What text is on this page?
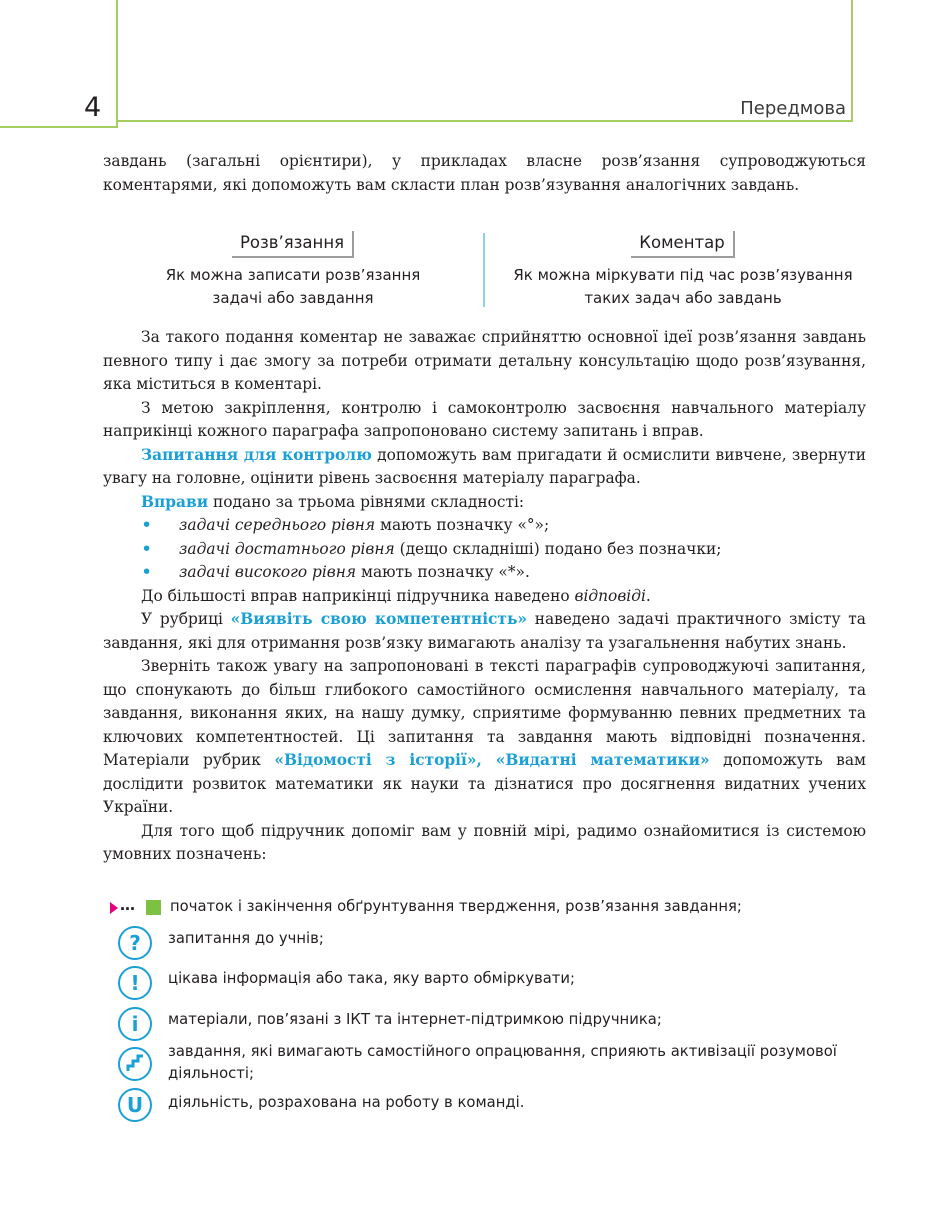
4	Передмова

завдань (загальні орієнтири), у прикладах власне розв’язання супроводжуються коментарями, які допоможуть вам скласти план розв’язування аналогічних завдань.

Розв’язання
Як можна записати розв’язання
задачі або завдання
Коментар
Як можна міркувати під час розв’язування
таких задач або завдань

За такого подання коментар не заважає сприйняттю основної ідеї розв’язання завдань певного типу і дає змогу за потреби отримати детальну консультацію щодо розв’язування, яка міститься в коментарі.

З метою закріплення, контролю і самоконтролю засвоєння навчального матеріалу наприкінці кожного параграфа запропоновано систему запитань і вправ.

Запитання для контролю допоможуть вам пригадати й осмислити вивчене, звернути увагу на головне, оцінити рівень засвоєння матеріалу параграфа.

Вправи подано за трьома рівнями складності:

• задачі середнього рівня мають позначку «°»;

• задачі достатнього рівня (дещо складніші) подано без позначки;

• задачі високого рівня мають позначку «*».

До більшості вправ наприкінці підручника наведено відповіді.

У рубриці «Виявіть свою компетентність» наведено задачі практичного змісту та завдання, які для отримання розв’язку вимагають аналізу та узагальнення набутих знань.

Зверніть також увагу на запропоновані в тексті параграфів супроводжуючі запитання, що спонукають до більш глибокого самостійного осмислення навчального матеріалу, та завдання, виконання яких, на нашу думку, сприятиме формуванню певних предметних та ключових компетентностей. Ці запитання та завдання мають відповідні позначення. Матеріали рубрик «Відомості з історії», «Видатні математики» допоможуть вам дослідити розвиток математики як науки та дізнатися про досягнення видатних учених України.

Для того щоб підручник допоміг вам у повній мірі, радимо ознайомитися із системою умовних позначень:

… початок і закінчення обґрунтування твердження, розв’язання завдання;
?	запитання до учнів;
!	цікава інформація або така, яку варто обміркувати;
i	матеріали, пов’язані з ІКТ та інтернет-підтримкою підручника;
завдання, які вимагають самостійного опрацювання, сприяють активізації розумової діяльності;
U	діяльність, розрахована на роботу в команді.
